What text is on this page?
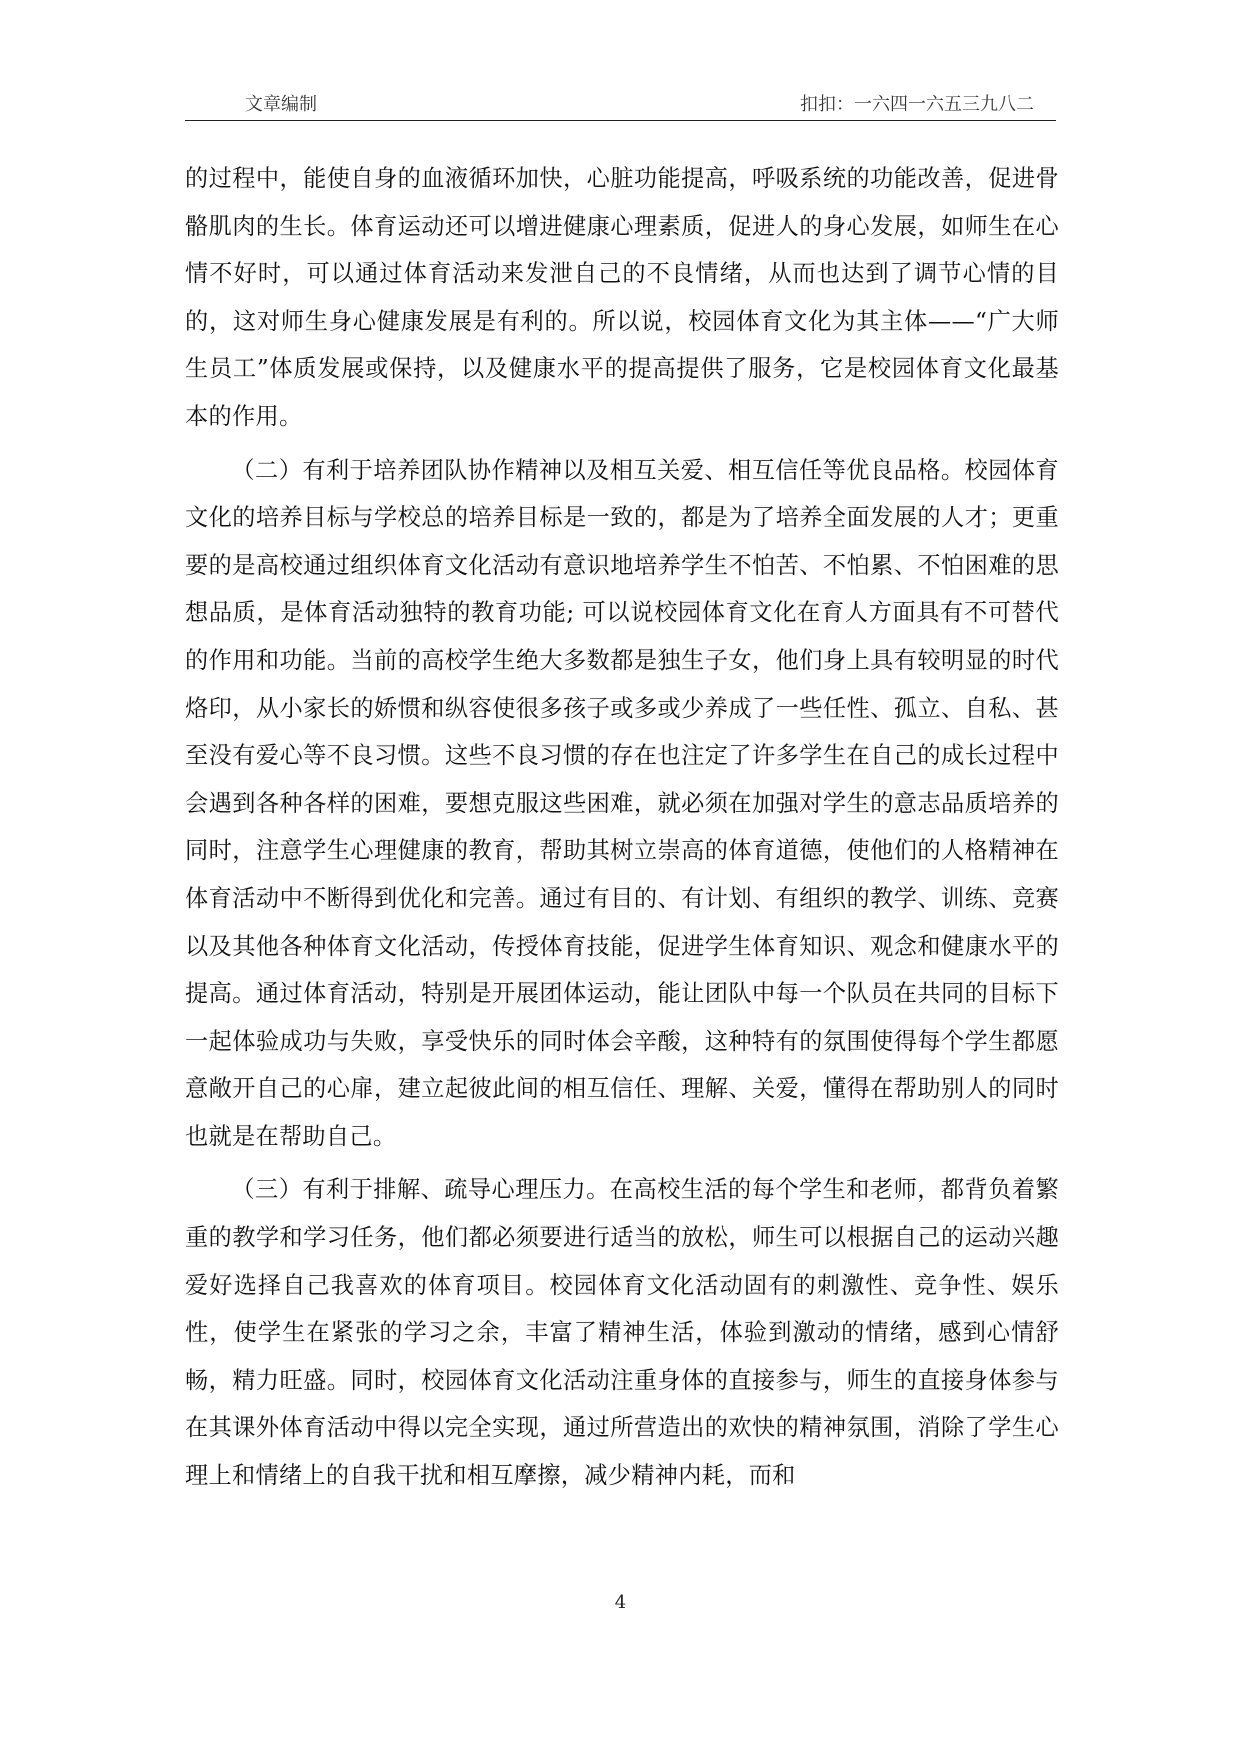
文章编制	扣扣：一六四一六五三九八二

的过程中，能使自身的血液循环加快，心脏功能提高，呼吸系统的功能改善，促进骨骼肌肉的生长。体育运动还可以增进健康心理素质，促进人的身心发展，如师生在心情不好时，可以通过体育活动来发泄自己的不良情绪，从而也达到了调节心情的目的，这对师生身心健康发展是有利的。所以说，校园体育文化为其主体——“广大师生员工”体质发展或保持，以及健康水平的提高提供了服务，它是校园体育文化最基本的作用。

（二）有利于培养团队协作精神以及相互关爱、相互信任等优良品格。校园体育文化的培养目标与学校总的培养目标是一致的，都是为了培养全面发展的人才；更重要的是高校通过组织体育文化活动有意识地培养学生不怕苦、不怕累、不怕困难的思想品质，是体育活动独特的教育功能; 可以说校园体育文化在育人方面具有不可替代的作用和功能。当前的高校学生绝大多数都是独生子女，他们身上具有较明显的时代烙印，从小家长的娇惯和纵容使很多孩子或多或少养成了一些任性、孤立、自私、甚至没有爱心等不良习惯。这些不良习惯的存在也注定了许多学生在自己的成长过程中会遇到各种各样的困难，要想克服这些困难，就必须在加强对学生的意志品质培养的同时，注意学生心理健康的教育，帮助其树立崇高的体育道德，使他们的人格精神在体育活动中不断得到优化和完善。通过有目的、有计划、有组织的教学、训练、竞赛以及其他各种体育文化活动，传授体育技能，促进学生体育知识、观念和健康水平的提高。通过体育活动，特别是开展团体运动，能让团队中每一个队员在共同的目标下一起体验成功与失败，享受快乐的同时体会辛酸，这种特有的氛围使得每个学生都愿意敞开自己的心扉，建立起彼此间的相互信任、理解、关爱，懂得在帮助别人的同时也就是在帮助自己。

（三）有利于排解、疏导心理压力。在高校生活的每个学生和老师，都背负着繁重的教学和学习任务，他们都必须要进行适当的放松，师生可以根据自己的运动兴趣爱好选择自己我喜欢的体育项目。校园体育文化活动固有的刺激性、竞争性、娱乐性，使学生在紧张的学习之余，丰富了精神生活，体验到激动的情绪，感到心情舒畅，精力旺盛。同时，校园体育文化活动注重身体的直接参与，师生的直接身体参与在其课外体育活动中得以完全实现，通过所营造出的欢快的精神氛围，消除了学生心理上和情绪上的自我干扰和相互摩擦，减少精神内耗，而和

4
